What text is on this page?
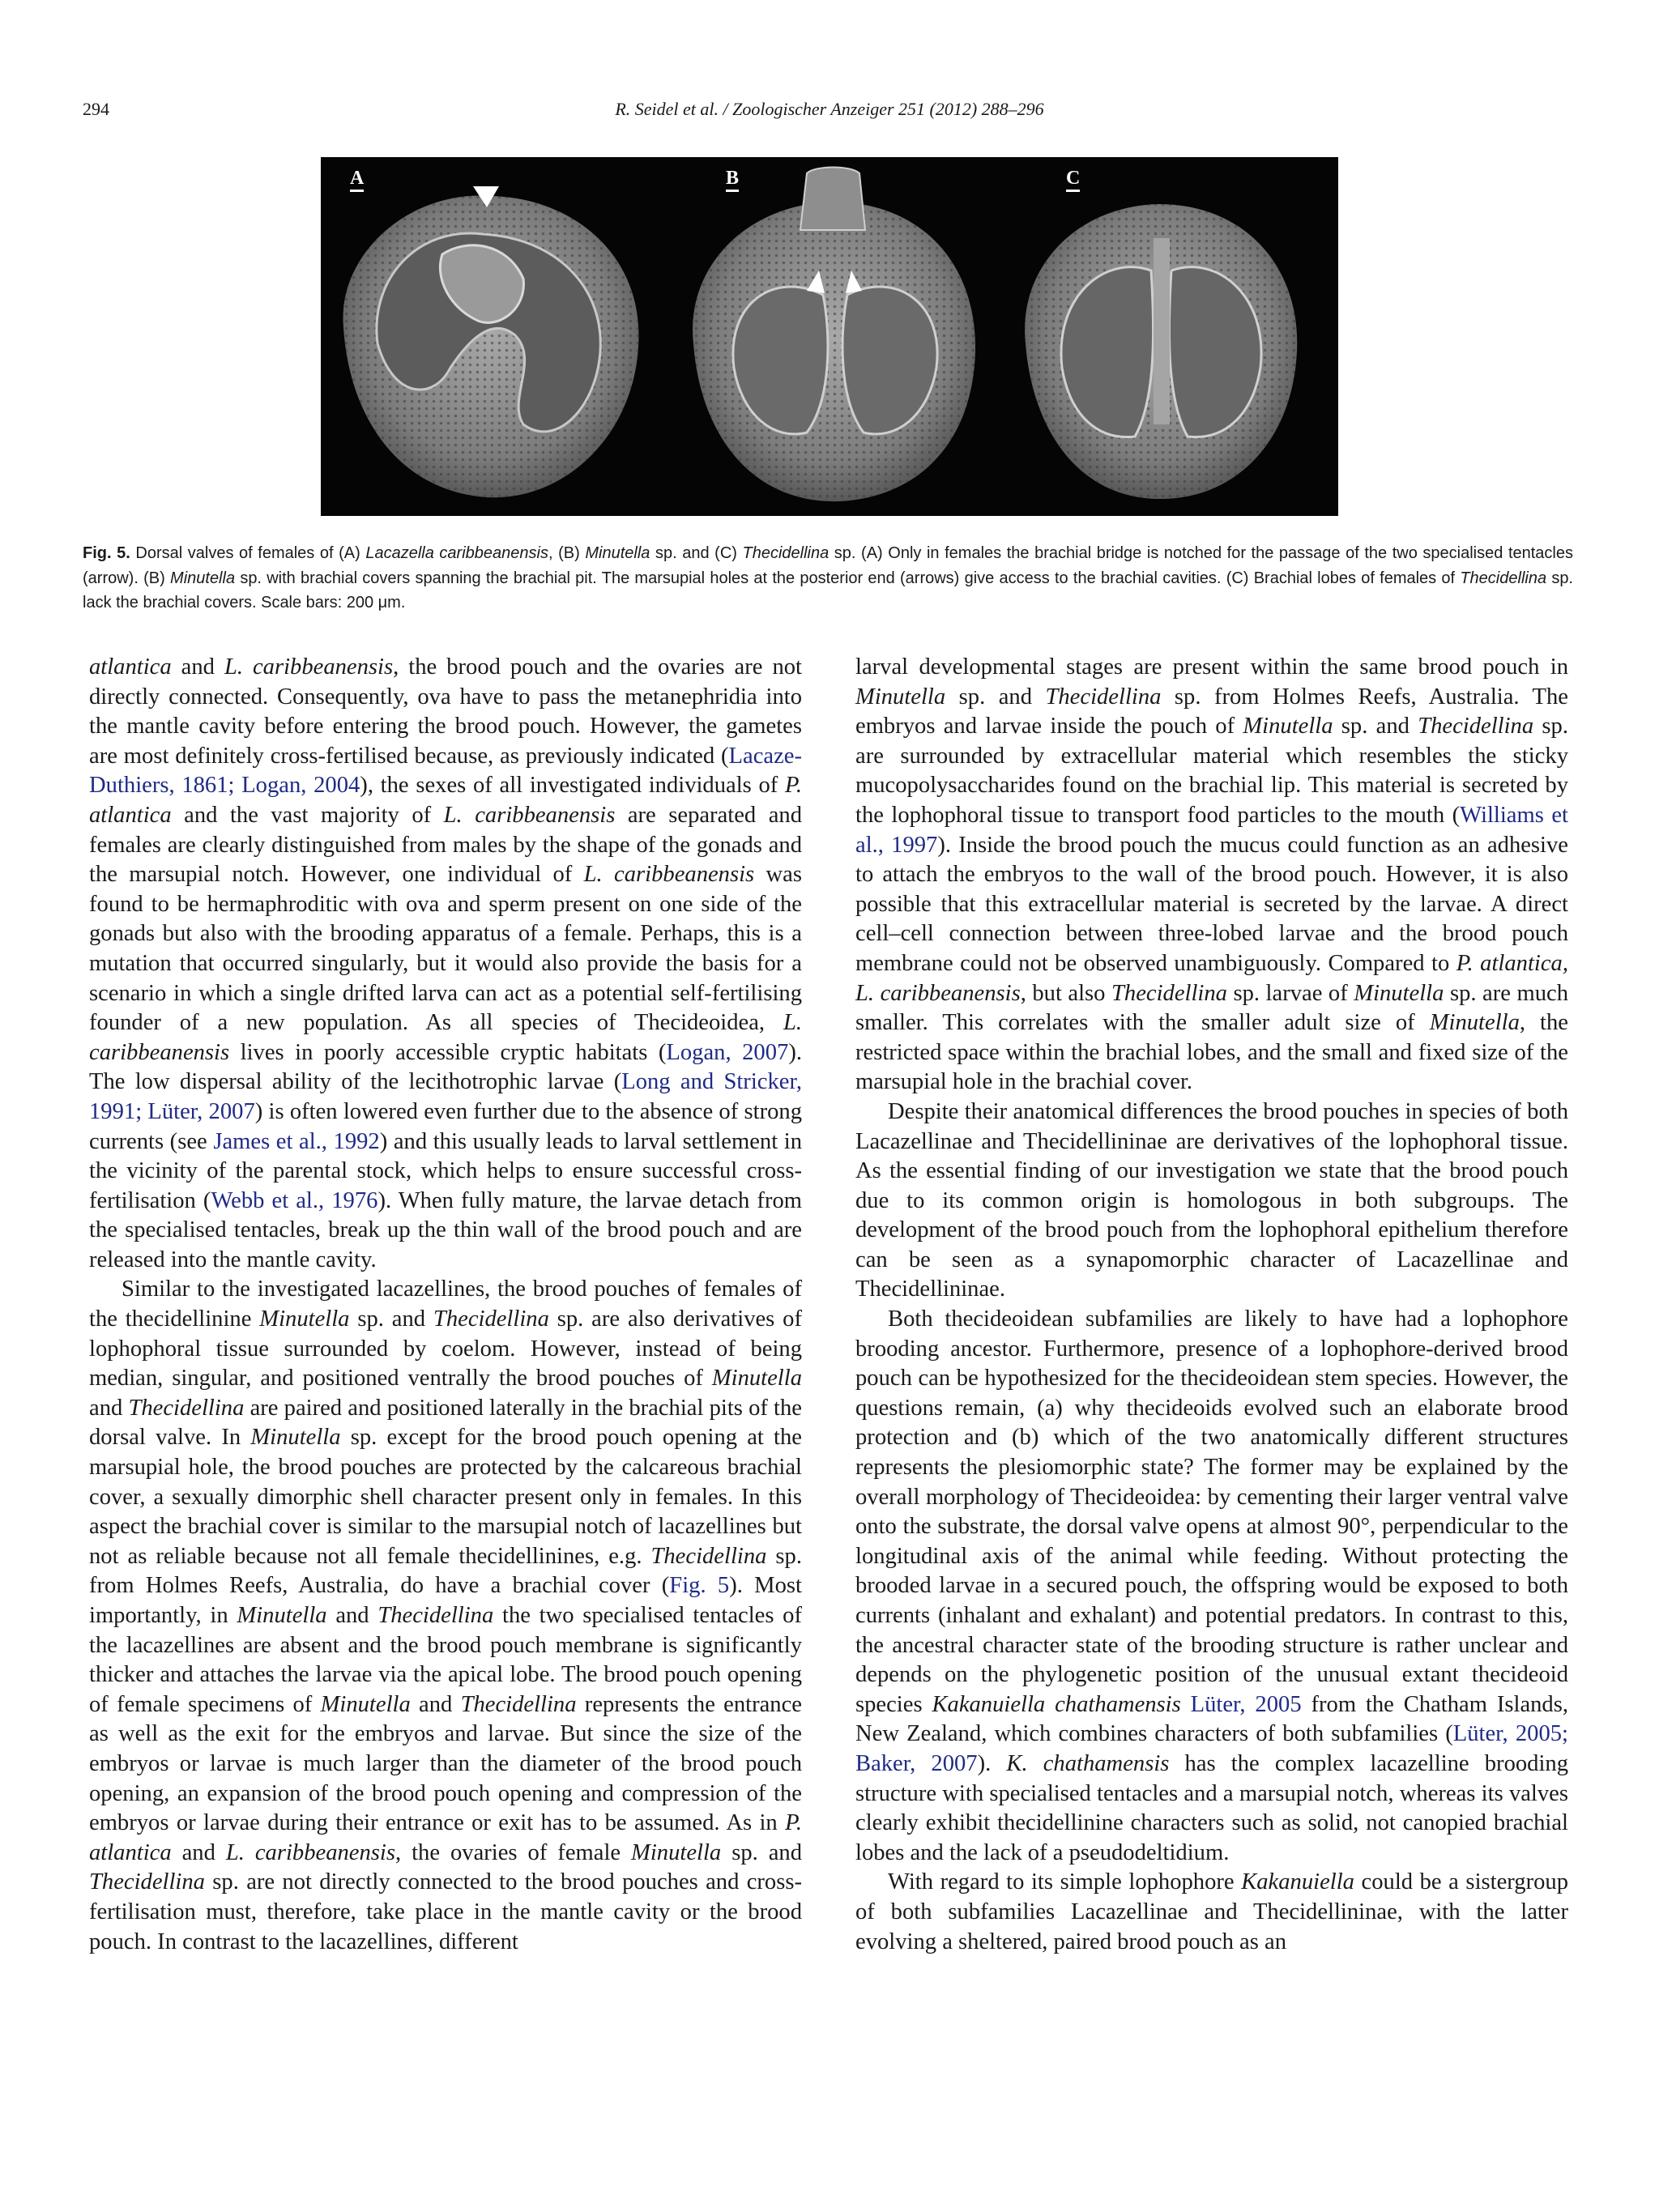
294	R. Seidel et al. / Zoologischer Anzeiger 251 (2012) 288–296
A	B	C
Fig. 5. Dorsal valves of females of (A) Lacazella caribbeanensis, (B) Minutella sp. and (C) Thecidellina sp. (A) Only in females the brachial bridge is notched for the passage of the two specialised tentacles (arrow). (B) Minutella sp. with brachial covers spanning the brachial pit. The marsupial holes at the posterior end (arrows) give access to the brachial cavities. (C) Brachial lobes of females of Thecidellina sp. lack the brachial covers. Scale bars: 200 μm.

atlantica and L. caribbeanensis, the brood pouch and the ovaries are not directly connected. Consequently, ova have to pass the metanephridia into the mantle cavity before entering the brood pouch. However, the gametes are most definitely cross-fertilised because, as previously indicated (Lacaze-Duthiers, 1861; Logan, 2004), the sexes of all investigated individuals of P. atlantica and the vast majority of L. caribbeanensis are separated and females are clearly distinguished from males by the shape of the gonads and the marsupial notch. However, one individual of L. caribbeanensis was found to be hermaphroditic with ova and sperm present on one side of the gonads but also with the brooding apparatus of a female. Perhaps, this is a mutation that occurred singularly, but it would also provide the basis for a scenario in which a single drifted larva can act as a potential self-fertilising founder of a new population. As all species of Thecideoidea, L. caribbeanensis lives in poorly accessible cryptic habitats (Logan, 2007). The low dispersal ability of the lecithotrophic larvae (Long and Stricker, 1991; Lüter, 2007) is often lowered even further due to the absence of strong currents (see James et al., 1992) and this usually leads to larval settlement in the vicinity of the parental stock, which helps to ensure successful cross-fertilisation (Webb et al., 1976). When fully mature, the larvae detach from the specialised tentacles, break up the thin wall of the brood pouch and are released into the mantle cavity.

Similar to the investigated lacazellines, the brood pouches of females of the thecidellinine Minutella sp. and Thecidellina sp. are also derivatives of lophophoral tissue surrounded by coelom. However, instead of being median, singular, and positioned ventrally the brood pouches of Minutella and Thecidellina are paired and positioned laterally in the brachial pits of the dorsal valve. In Minutella sp. except for the brood pouch opening at the marsupial hole, the brood pouches are protected by the calcareous brachial cover, a sexually dimorphic shell character present only in females. In this aspect the brachial cover is similar to the marsupial notch of lacazellines but not as reliable because not all female thecidellinines, e.g. Thecidellina sp. from Holmes Reefs, Australia, do have a brachial cover (Fig. 5). Most importantly, in Minutella and Thecidellina the two specialised tentacles of the lacazellines are absent and the brood pouch membrane is significantly thicker and attaches the larvae via the apical lobe. The brood pouch opening of female specimens of Minutella and Thecidellina represents the entrance as well as the exit for the embryos and larvae. But since the size of the embryos or larvae is much larger than the diameter of the brood pouch opening, an expansion of the brood pouch opening and compression of the embryos or larvae during their entrance or exit has to be assumed. As in P. atlantica and L. caribbeanensis, the ovaries of female Minutella sp. and Thecidellina sp. are not directly connected to the brood pouches and cross-fertilisation must, therefore, take place in the mantle cavity or the brood pouch. In contrast to the lacazellines, different

larval developmental stages are present within the same brood pouch in Minutella sp. and Thecidellina sp. from Holmes Reefs, Australia. The embryos and larvae inside the pouch of Minutella sp. and Thecidellina sp. are surrounded by extracellular material which resembles the sticky mucopolysaccharides found on the brachial lip. This material is secreted by the lophophoral tissue to transport food particles to the mouth (Williams et al., 1997). Inside the brood pouch the mucus could function as an adhesive to attach the embryos to the wall of the brood pouch. However, it is also possible that this extracellular material is secreted by the larvae. A direct cell–cell connection between three-lobed larvae and the brood pouch membrane could not be observed unambiguously. Compared to P. atlantica, L. caribbeanensis, but also Thecidellina sp. larvae of Minutella sp. are much smaller. This correlates with the smaller adult size of Minutella, the restricted space within the brachial lobes, and the small and fixed size of the marsupial hole in the brachial cover.

Despite their anatomical differences the brood pouches in species of both Lacazellinae and Thecidellininae are derivatives of the lophophoral tissue. As the essential finding of our investigation we state that the brood pouch due to its common origin is homologous in both subgroups. The development of the brood pouch from the lophophoral epithelium therefore can be seen as a synapomorphic character of Lacazellinae and Thecidellininae.

Both thecideoidean subfamilies are likely to have had a lophophore brooding ancestor. Furthermore, presence of a lophophore-derived brood pouch can be hypothesized for the thecideoidean stem species. However, the questions remain, (a) why thecideoids evolved such an elaborate brood protection and (b) which of the two anatomically different structures represents the plesiomorphic state? The former may be explained by the overall morphology of Thecideoidea: by cementing their larger ventral valve onto the substrate, the dorsal valve opens at almost 90°, perpendicular to the longitudinal axis of the animal while feeding. Without protecting the brooded larvae in a secured pouch, the offspring would be exposed to both currents (inhalant and exhalant) and potential predators. In contrast to this, the ancestral character state of the brooding structure is rather unclear and depends on the phylogenetic position of the unusual extant thecideoid species Kakanuiella chathamensis Lüter, 2005 from the Chatham Islands, New Zealand, which combines characters of both subfamilies (Lüter, 2005; Baker, 2007). K. chathamensis has the complex lacazelline brooding structure with specialised tentacles and a marsupial notch, whereas its valves clearly exhibit thecidellinine characters such as solid, not canopied brachial lobes and the lack of a pseudodeltidium.

With regard to its simple lophophore Kakanuiella could be a sistergroup of both subfamilies Lacazellinae and Thecidellininae, with the latter evolving a sheltered, paired brood pouch as an
